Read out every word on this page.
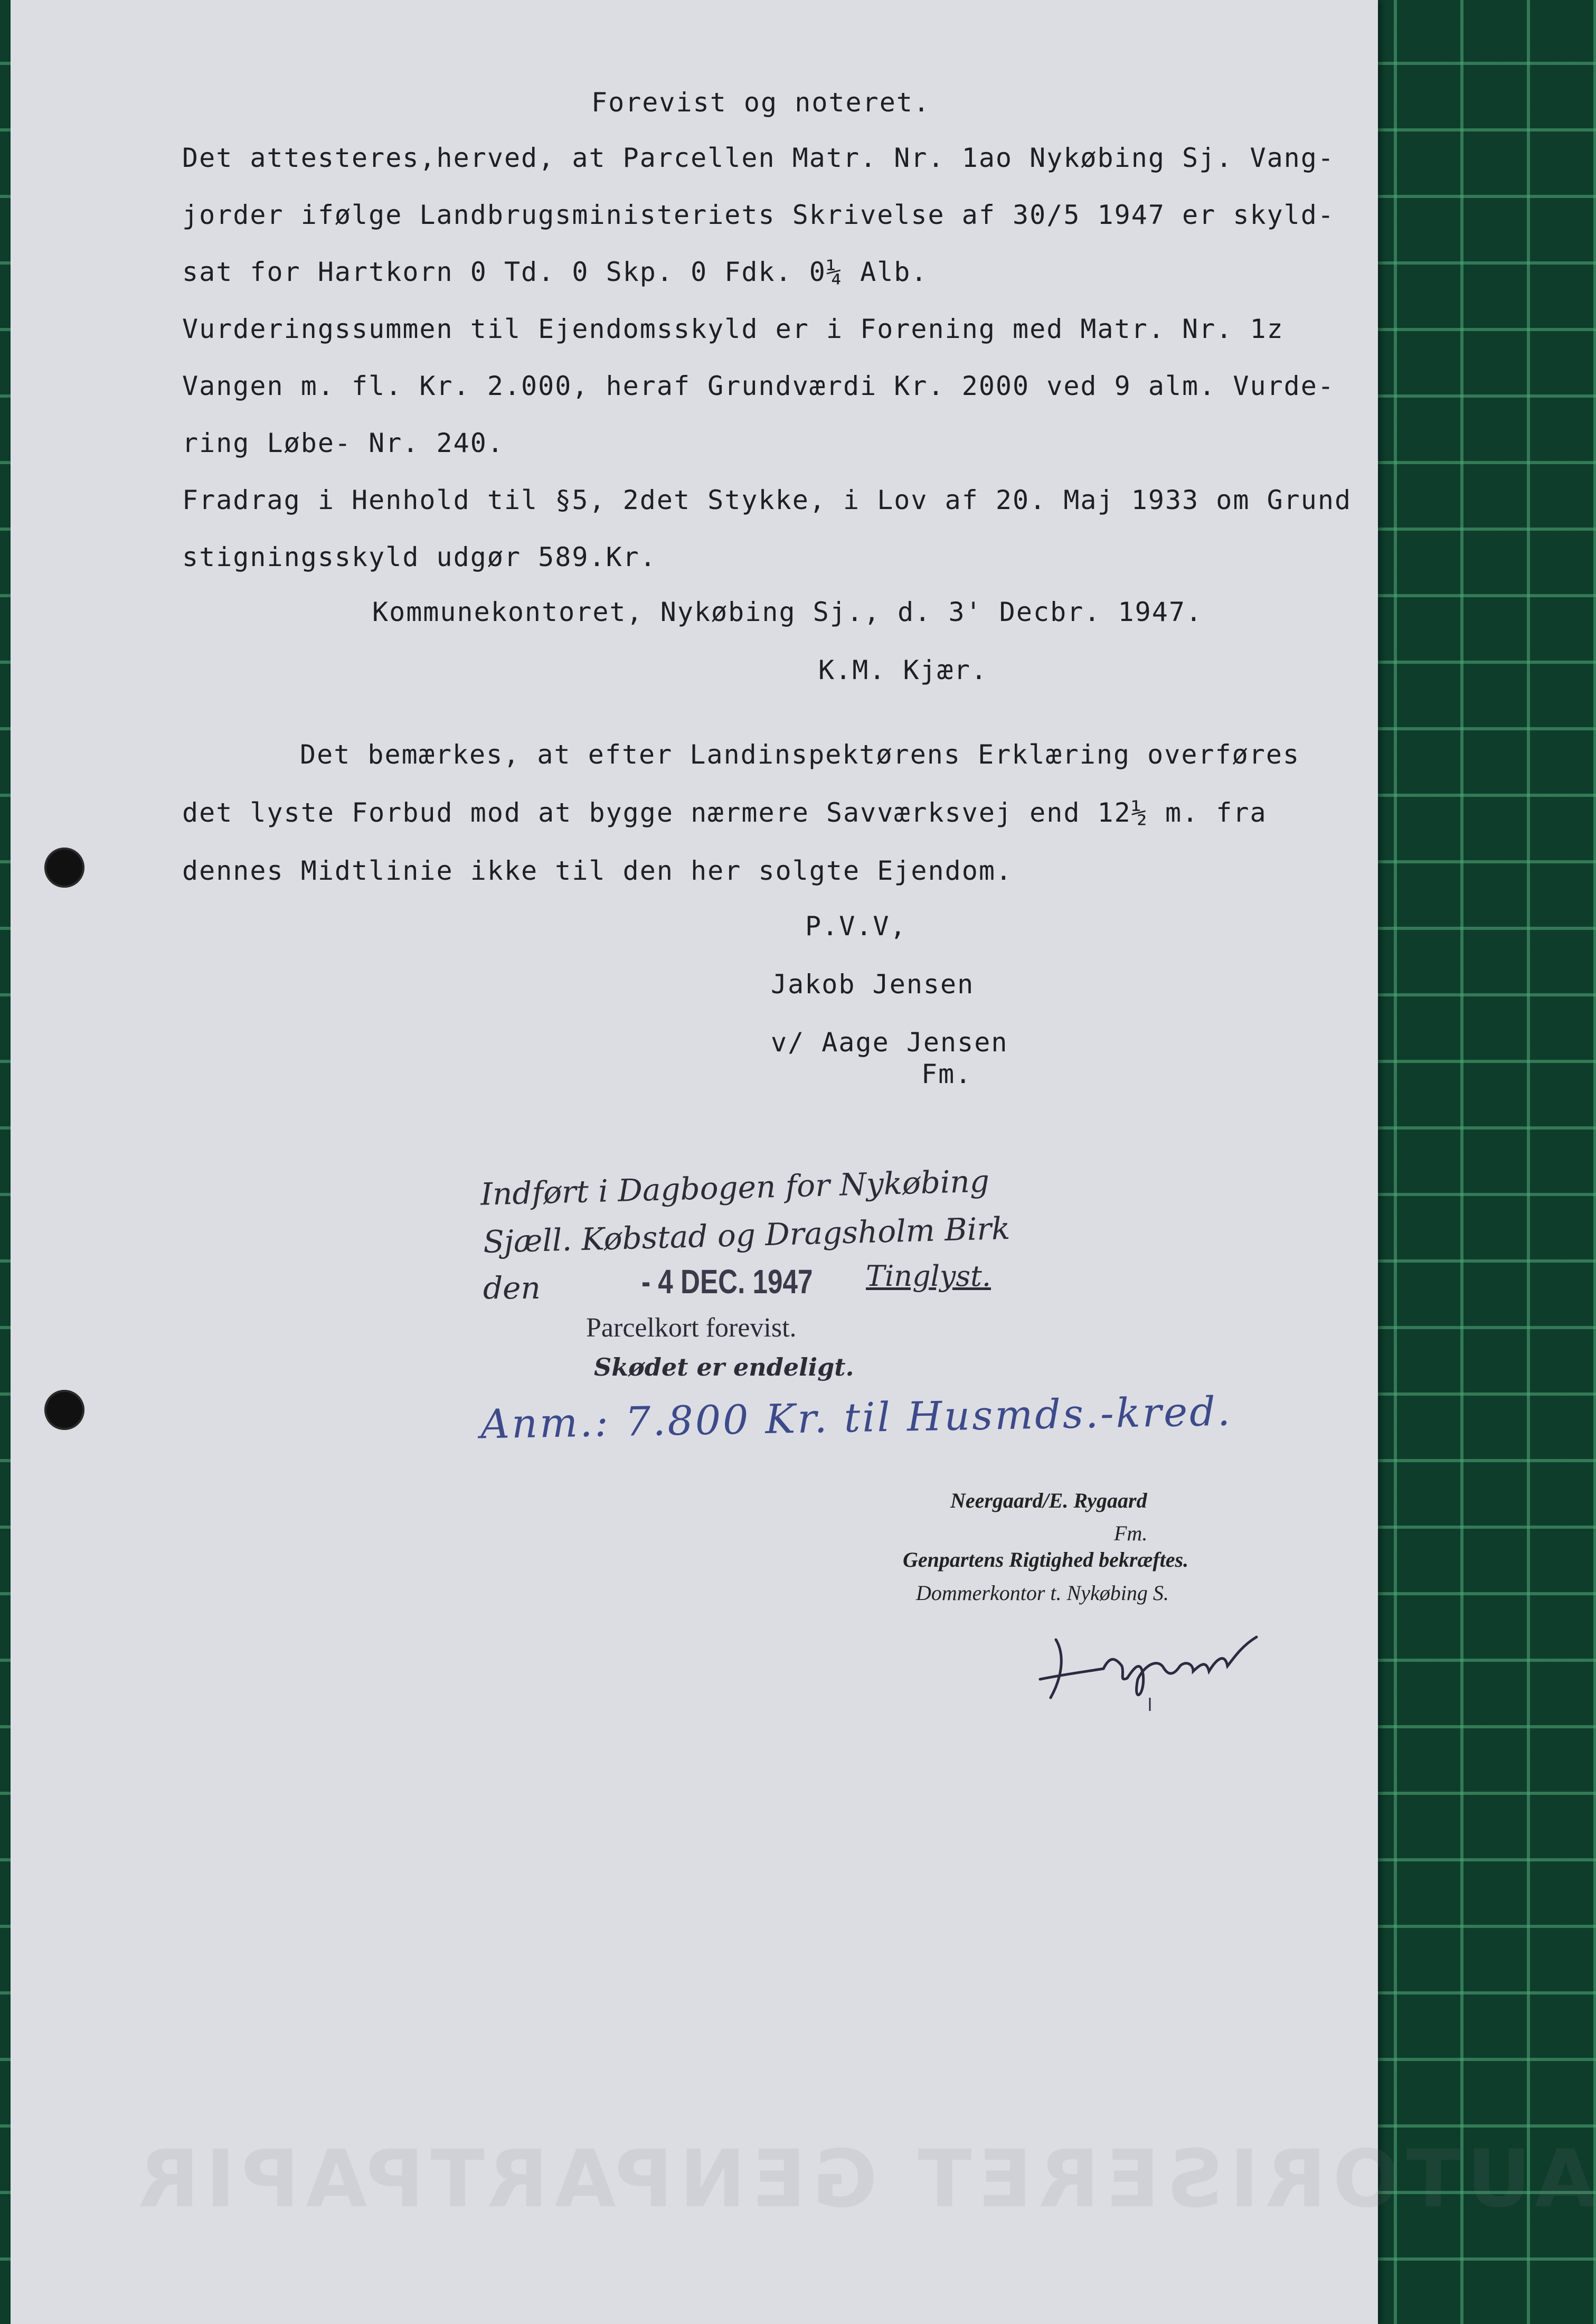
Forevist og noteret.
Det attesteres,herved, at Parcellen Matr. Nr. 1ao Nykøbing Sj. Vang-
jorder ifølge Landbrugsministeriets Skrivelse af 30/5 1947 er skyld-
sat for Hartkorn 0 Td. 0 Skp. 0 Fdk. 0¼ Alb.
Vurderingssummen til Ejendomsskyld er i Forening med Matr. Nr. 1z
Vangen m. fl. Kr. 2.000, heraf Grundværdi Kr. 2000 ved 9 alm. Vurde-
ring Løbe- Nr. 240.
Fradrag i Henhold til §5, 2det Stykke, i Lov af 20. Maj 1933 om Grund
stigningsskyld udgør 589.Kr.
Kommunekontoret, Nykøbing Sj., d. 3' Decbr. 1947.
K.M. Kjær.
Det bemærkes, at efter Landinspektørens Erklæring overføres
det lyste Forbud mod at bygge nærmere Savværksvej end 12½ m. fra
dennes Midtlinie ikke til den her solgte Ejendom.
P.V.V,
Jakob Jensen
v/ Aage Jensen
Fm.
Indført i Dagbogen for Nykøbing
Sjæll. Købstad og Dragsholm Birk
den	- 4 DEC. 1947 Tinglyst.
Parcelkort forevist.
Skødet er endeligt.
Anm.: 7.800 Kr. til Husmds.-kred.
Neergaard/E. Rygaard
Fm.
Genpartens Rigtighed bekræftes.
Dommerkontor t. Nykøbing S.
AUTORISERET GENPARTPAPIR
